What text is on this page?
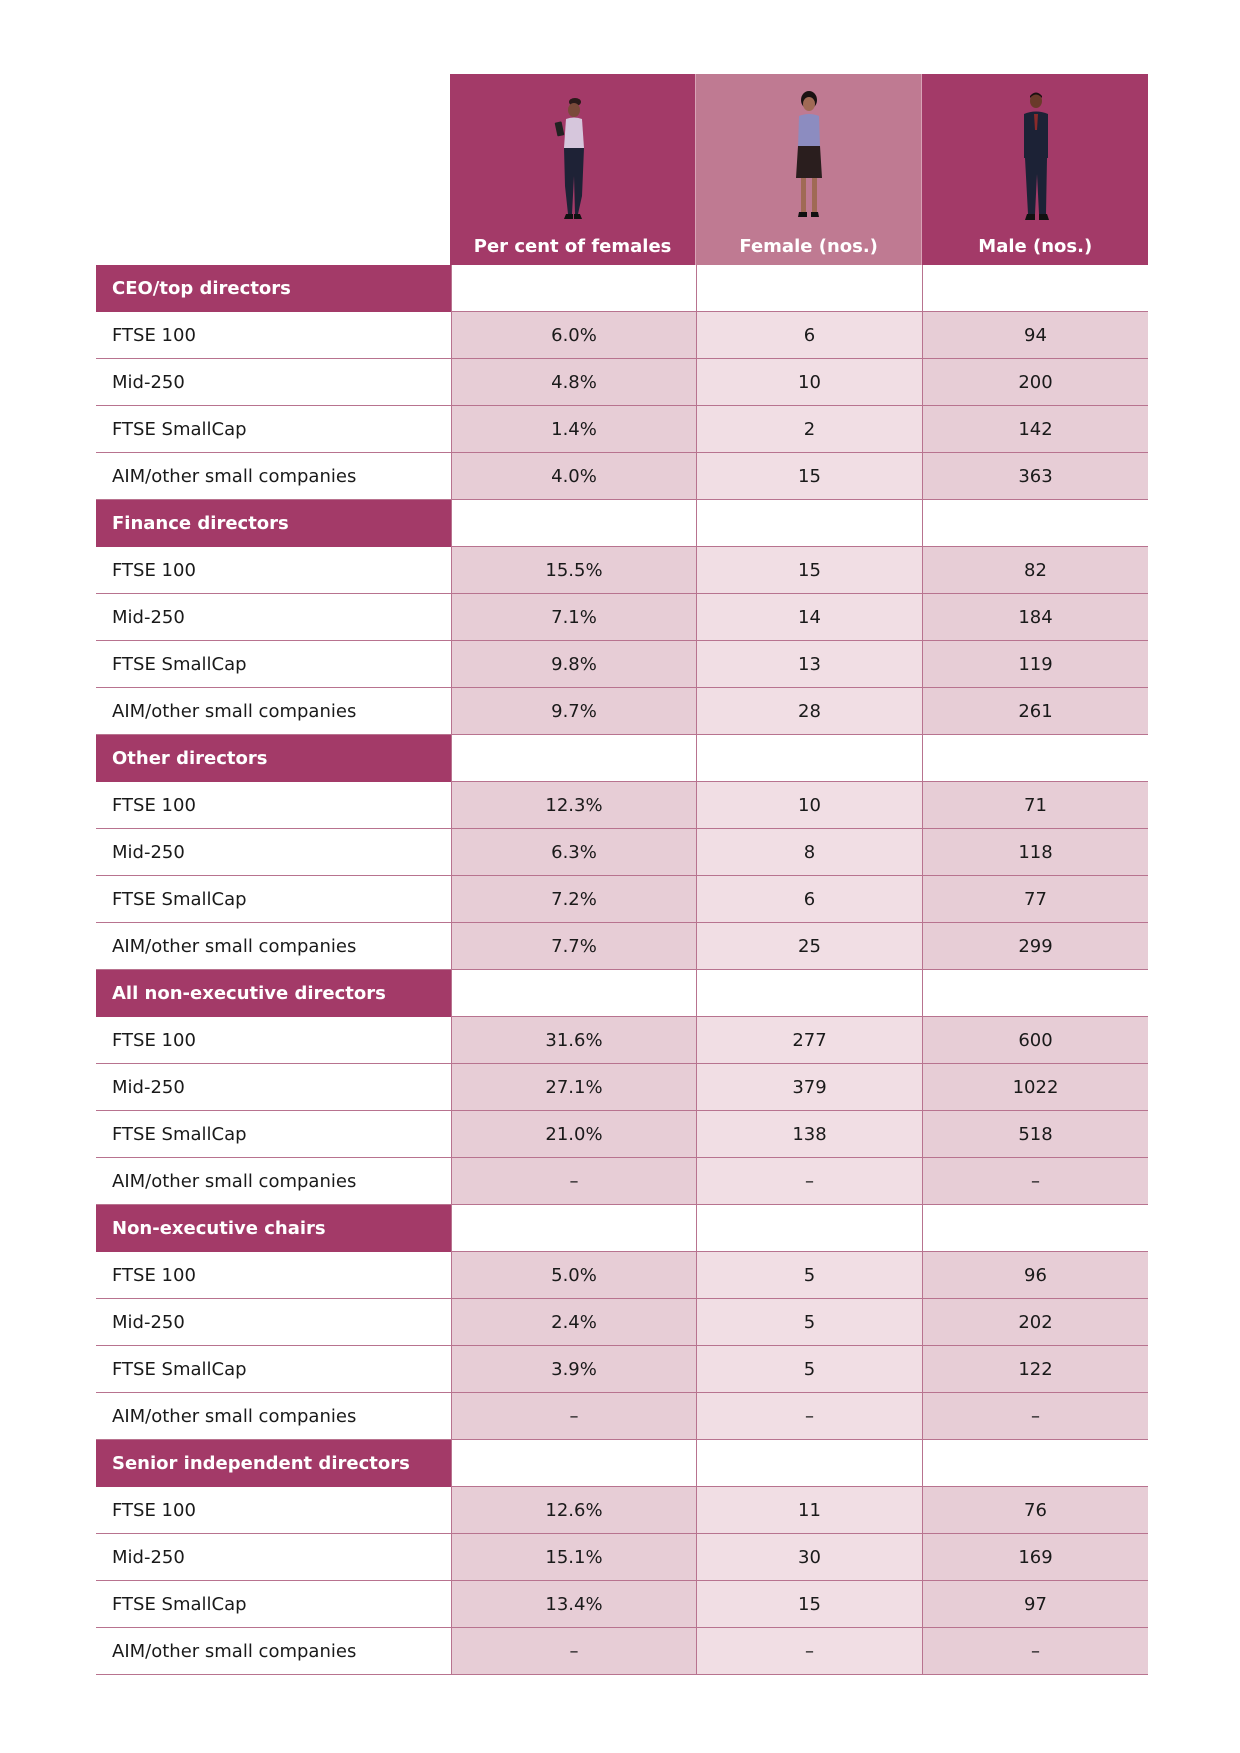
Per cent of females	Female (nos.)	Male (nos.)
CEO/top directors
FTSE 100	6.0%	6	94
Mid-250	4.8%	10	200
FTSE SmallCap	1.4%	2	142
AIM/other small companies	4.0%	15	363
Finance directors
FTSE 100	15.5%	15	82
Mid-250	7.1%	14	184
FTSE SmallCap	9.8%	13	119
AIM/other small companies	9.7%	28	261
Other directors
FTSE 100	12.3%	10	71
Mid-250	6.3%	8	118
FTSE SmallCap	7.2%	6	77
AIM/other small companies	7.7%	25	299
All non-executive directors
FTSE 100	31.6%	277	600
Mid-250	27.1%	379	1022
FTSE SmallCap	21.0%	138	518
AIM/other small companies	–	–	–
Non-executive chairs
FTSE 100	5.0%	5	96
Mid-250	2.4%	5	202
FTSE SmallCap	3.9%	5	122
AIM/other small companies	–	–	–
Senior independent directors
FTSE 100	12.6%	11	76
Mid-250	15.1%	30	169
FTSE SmallCap	13.4%	15	97
AIM/other small companies	–	–	–
